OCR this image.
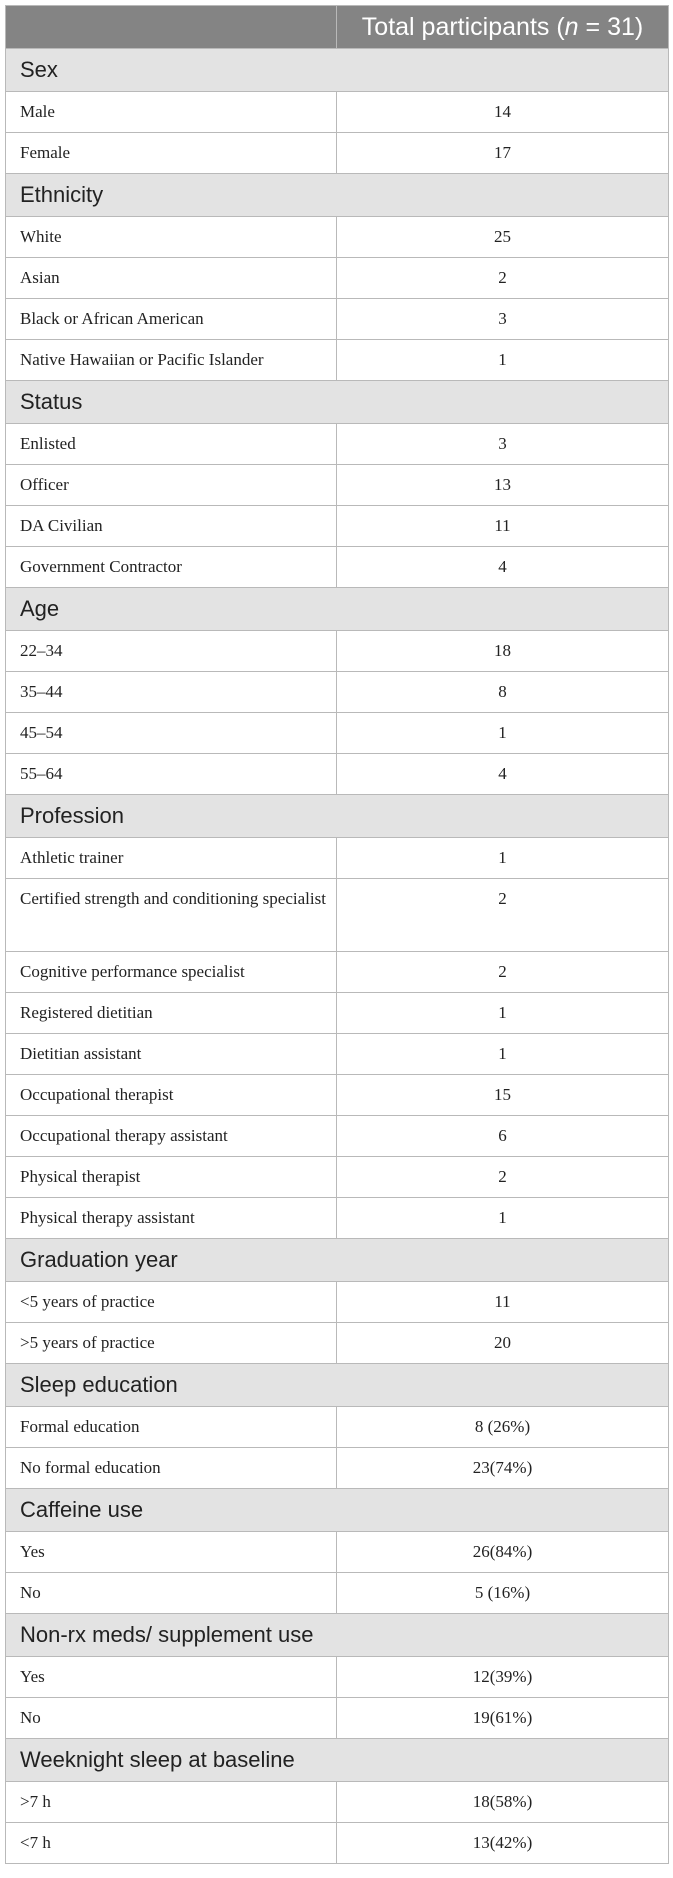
	Total participants (n = 31)
Sex	
Male	14
Female	17
Ethnicity	
White	25
Asian	2
Black or African American	3
Native Hawaiian or Pacific Islander	1
Status	
Enlisted	3
Officer	13
DA Civilian	11
Government Contractor	4
Age	
22–34	18
35–44	8
45–54	1
55–64	4
Profession	
Athletic trainer	1
Certified strength and conditioning specialist	2
Cognitive performance specialist	2
Registered dietitian	1
Dietitian assistant	1
Occupational therapist	15
Occupational therapy assistant	6
Physical therapist	2
Physical therapy assistant	1
Graduation year	
<5 years of practice	11
>5 years of practice	20
Sleep education	
Formal education	8 (26%)
No formal education	23(74%)
Caffeine use	
Yes	26(84%)
No	5 (16%)
Non-rx meds/ supplement use	
Yes	12(39%)
No	19(61%)
Weeknight sleep at baseline	
>7 h	18(58%)
<7 h	13(42%)
